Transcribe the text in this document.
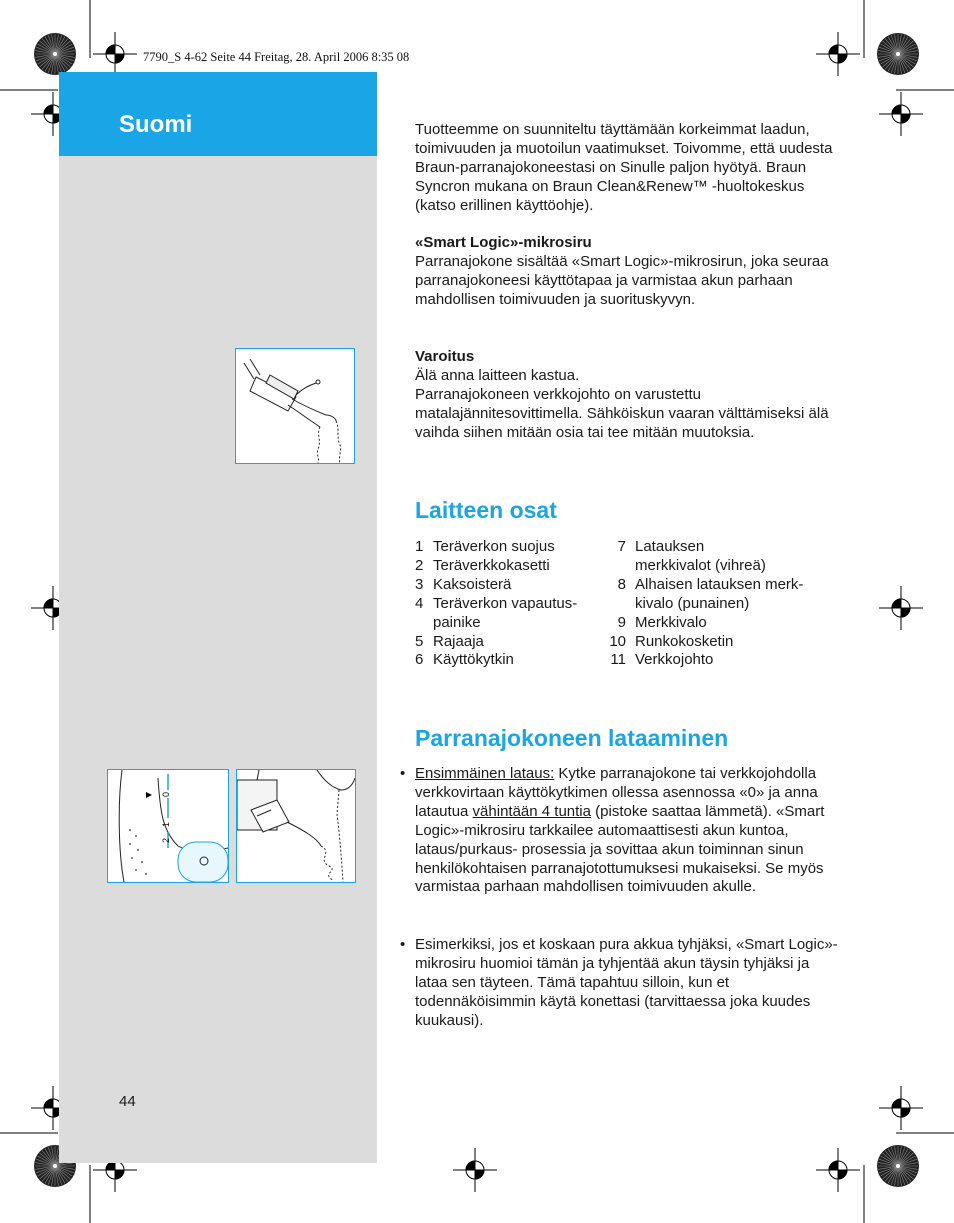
Suomi
7790_S 4-62 Seite 44 Freitag, 28. April 2006 8:35 08

Tuotteemme on suunniteltu täyttämään korkeimmat laadun, toimivuuden ja muotoilun vaatimukset. Toivomme, että uudesta Braun-parranajokoneestasi on Sinulle paljon hyötyä. Braun Syncron mukana on Braun Clean&Renew™ -huoltokeskus (katso erillinen käyttöohje).

«Smart Logic»-mikrosiru
Parranajokone sisältää «Smart Logic»-mikrosirun, joka seuraa parranajokoneesi käyttötapaa ja varmistaa akun parhaan mahdollisen toimivuuden ja suorituskyvyn.
Varoitus
Älä anna laitteen kastua.
Parranajokoneen verkkojohto on varustettu matalajännitesovittimella. Sähköiskun vaaran välttämiseksi älä vaihda siihen mitään osia tai tee mitään muutoksia.
Laitteen osat
1 Teräverkon suojus
2 Teräverkkokasetti
3 Kaksoisterä
4 Teräverkon vapautus-
painike
5 Rajaaja
6 Käyttökytkin
7 Latauksen
merkkivalot (vihreä)
8 Alhaisen latauksen merk-
kivalo (punainen)
9 Merkkivalo
10 Runkokosketin
11 Verkkojohto
Parranajokoneen lataaminen
• Ensimmäinen lataus: Kytke parranajokone tai verkkojohdolla verkkovirtaan käyttökytkimen ollessa asennossa «0» ja anna latautua vähintään 4 tuntia (pistoke saattaa lämmetä). «Smart Logic»-mikrosiru tarkkailee automaattisesti akun kuntoa, lataus/purkaus- prosessia ja sovittaa akun toiminnan sinun henkilökohtaisen parranajotottumuksesi mukaiseksi. Se myös varmistaa parhaan mahdollisen toimivuuden akulle.
• Esimerkiksi, jos et koskaan pura akkua tyhjäksi, «Smart Logic»-mikrosiru huomioi tämän ja tyhjentää akun täysin tyhjäksi ja lataa sen täyteen. Tämä tapahtuu silloin, kun et todennäköisimmin käytä konettasi (tarvittaessa joka kuudes kuukausi).
0
1
2
44
